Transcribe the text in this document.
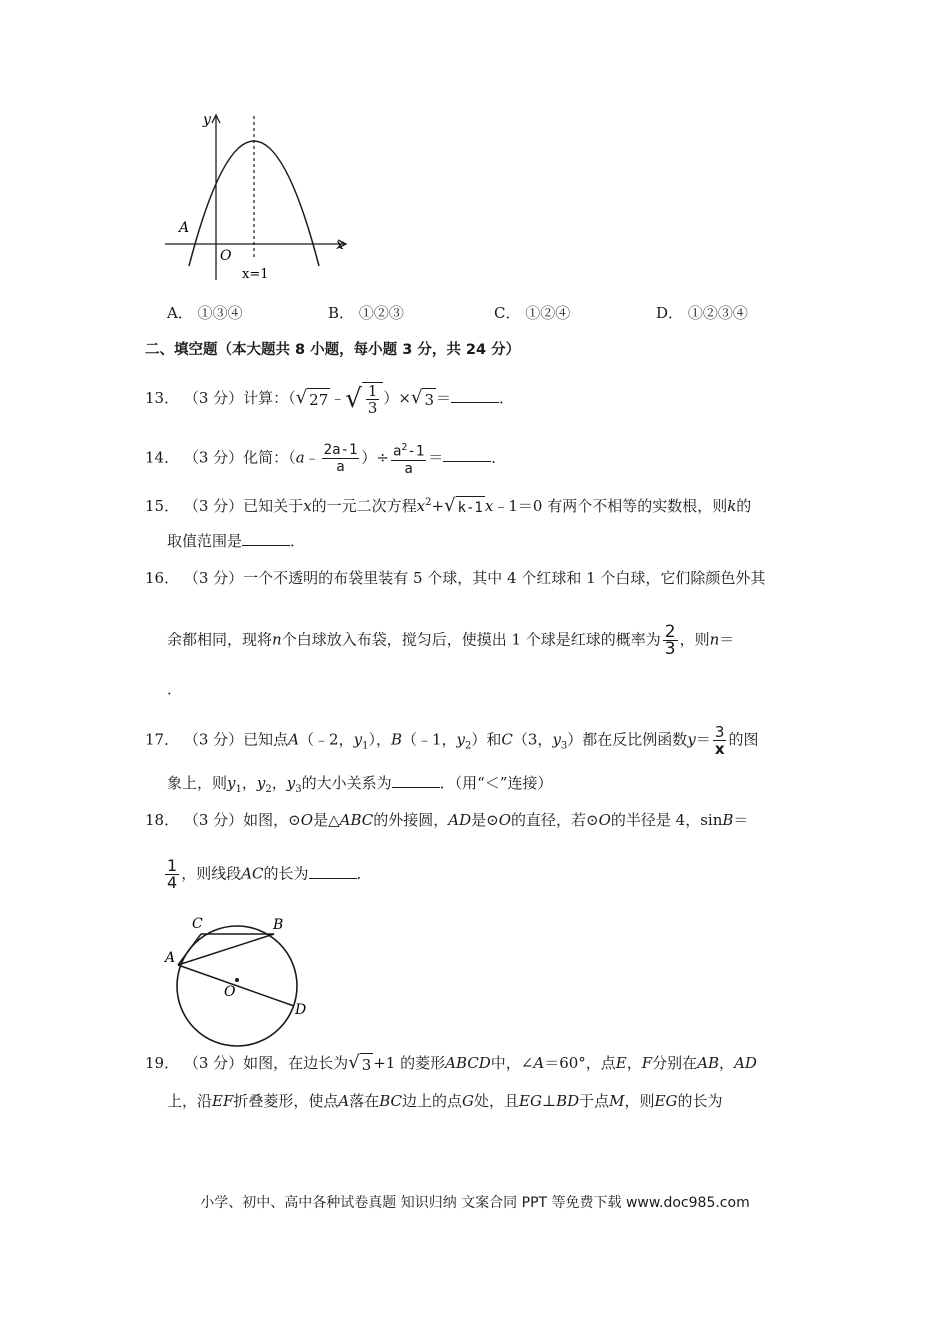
y
x
O
A
x=1
A． ①③④	B． ①②③	C． ①②④	D． ①②③④
二、填空题（本大题共 8 小题，每小题 3 分，共 24 分）
13． （3 分）计算：（ √ 27 ﹣ √ $\frac{1}{3}$ ）× √ 3 ＝	．
14． （3 分）化简：（a﹣ $\frac{2a-1}{a}$ ）÷ $\frac{a^2-1}{a}$ ＝	．
15． （3 分）已知关于x的一元二次方程$x^2+$ √ k-1 x﹣1＝0 有两个不相等的实数根，则k的
取值范围是	．
16． （3 分）一个不透明的布袋里装有 5 个球，其中 4 个红球和 1 个白球，它们除颜色外其
余都相同，现将n个白球放入布袋，搅匀后，使摸出 1 个球是红球的概率为 $\frac{2}{3}$ ，则n＝
．
17． （3 分）已知点A（﹣2，$y_1$），B（﹣1，$y_2$）和C（3，$y_3$）都在反比例函数$y= \frac{3}{x}$ 的图
象上，则$y_1$，$y_2$，$y_3$的大小关系为	．（用“＜”连接）
18． （3 分）如图，⊙O是△ABC的外接圆，AD是⊙O的直径，若⊙O的半径是 4，sinB＝
$\frac{1}{4}$ ，则线段AC的长为	．
C	B
A
O
D
19． （3 分）如图，在边长为 √ 3 +1 的菱形ABCD中，∠A＝60°，点E，F分别在AB，AD
上，沿EF折叠菱形，使点A落在BC边上的点G处，且EG⊥BD于点M，则EG的长为
小学、初中、高中各种试卷真题 知识归纳 文案合同 PPT 等免费下载 www.doc985.com
